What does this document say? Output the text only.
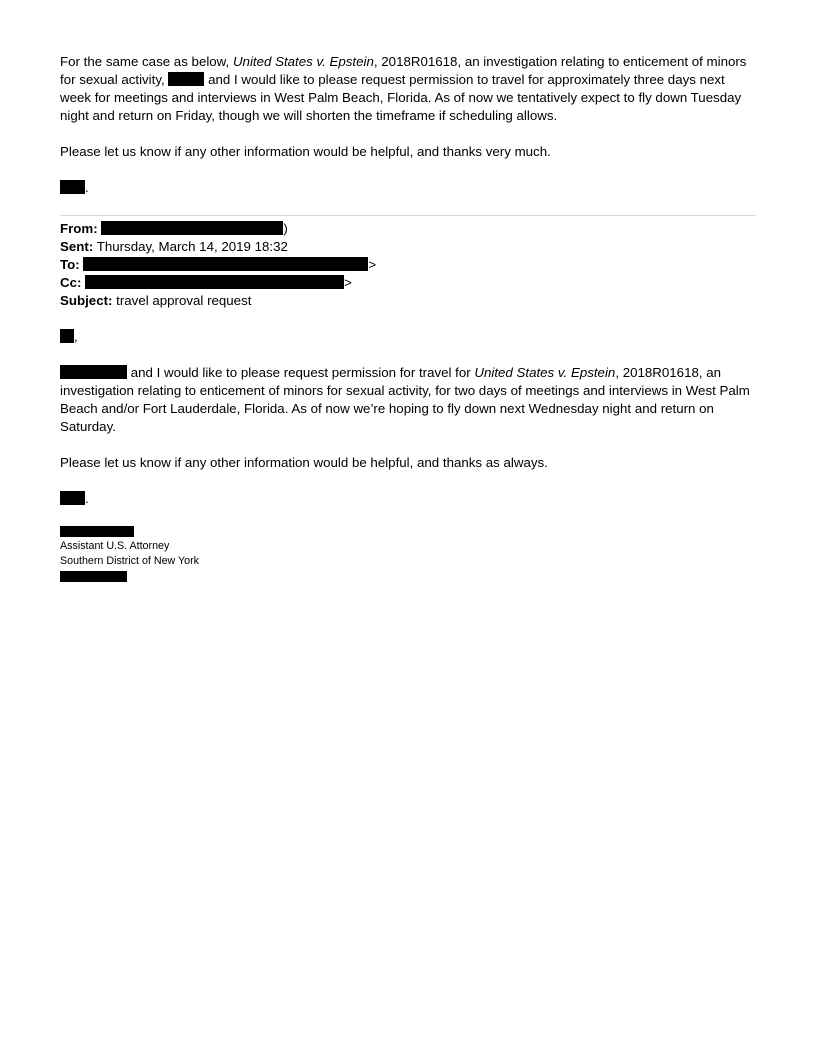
For the same case as below, United States v. Epstein, 2018R01618, an investigation relating to enticement of minors for sexual activity,	and I would like to please request permission to travel for approximately three days next week for meetings and interviews in West Palm Beach, Florida. As of now we tentatively expect to fly down Tuesday night and return on Friday, though we will shorten the timeframe if scheduling allows.

Please let us know if any other information would be helpful, and thanks very much.

.

From:	)
Sent: Thursday, March 14, 2019 18:32
To:	>
Cc:	>
Subject: travel approval request

,

and I would like to please request permission for travel for United States v. Epstein, 2018R01618, an investigation relating to enticement of minors for sexual activity, for two days of meetings and interviews in West Palm Beach and/or Fort Lauderdale, Florida. As of now we’re hoping to fly down next Wednesday night and return on Saturday.

Please let us know if any other information would be helpful, and thanks as always.

.

Assistant U.S. Attorney
Southern District of New York
